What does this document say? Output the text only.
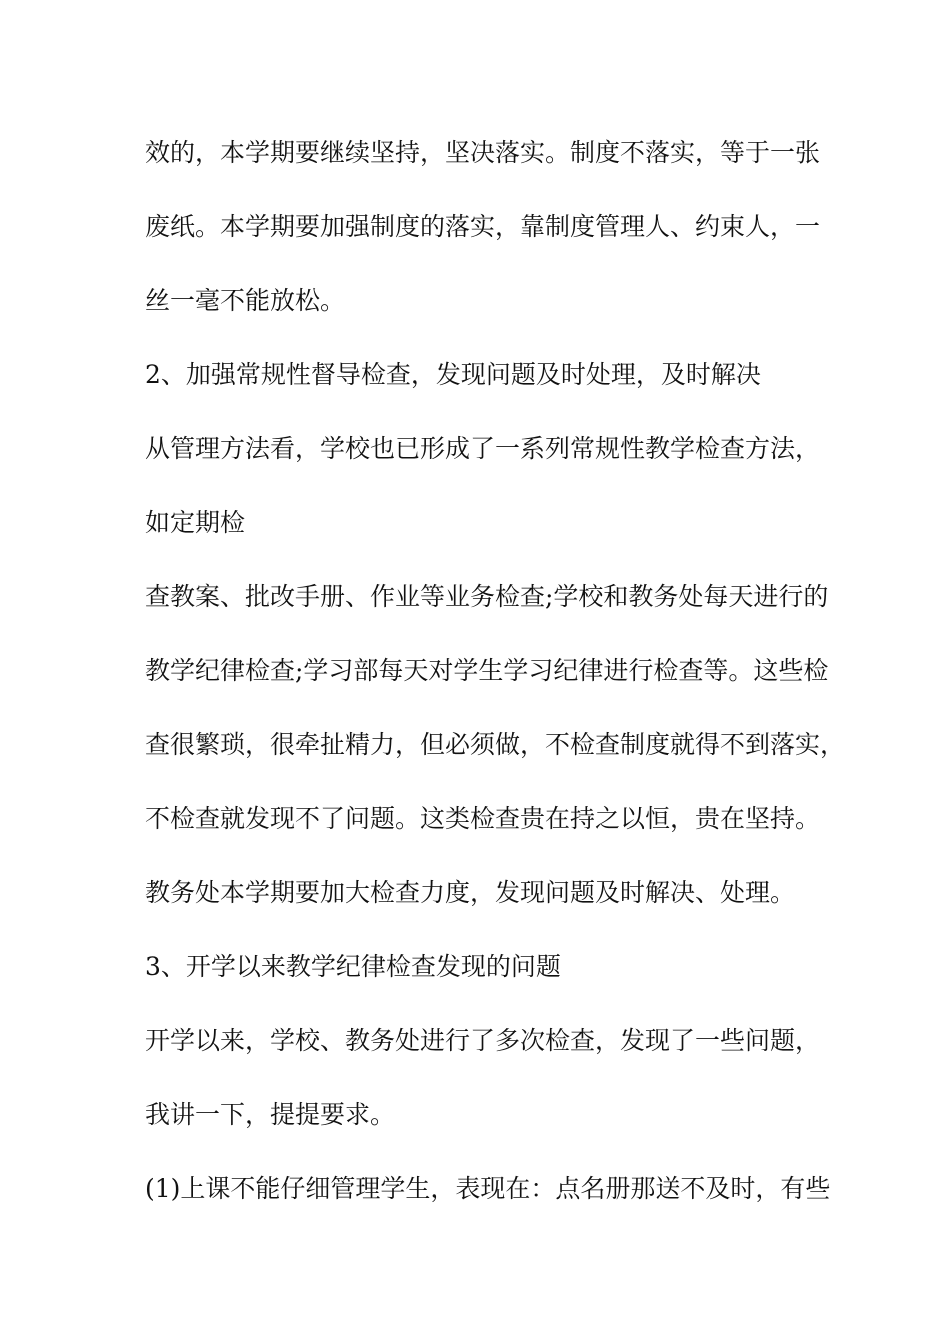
效的，本学期要继续坚持，坚决落实。制度不落实，等于一张

废纸。本学期要加强制度的落实，靠制度管理人、约束人，一

丝一毫不能放松。

2、加强常规性督导检查，发现问题及时处理，及时解决

从管理方法看，学校也已形成了一系列常规性教学检查方法，

如定期检

查教案、批改手册、作业等业务检查;学校和教务处每天进行的

教学纪律检查;学习部每天对学生学习纪律进行检查等。这些检

查很繁琐，很牵扯精力，但必须做，不检查制度就得不到落实，

不检查就发现不了问题。这类检查贵在持之以恒，贵在坚持。

教务处本学期要加大检查力度，发现问题及时解决、处理。

3、开学以来教学纪律检查发现的问题

开学以来，学校、教务处进行了多次检查，发现了一些问题，

我讲一下，提提要求。

(1)上课不能仔细管理学生，表现在：点名册那送不及时，有些
